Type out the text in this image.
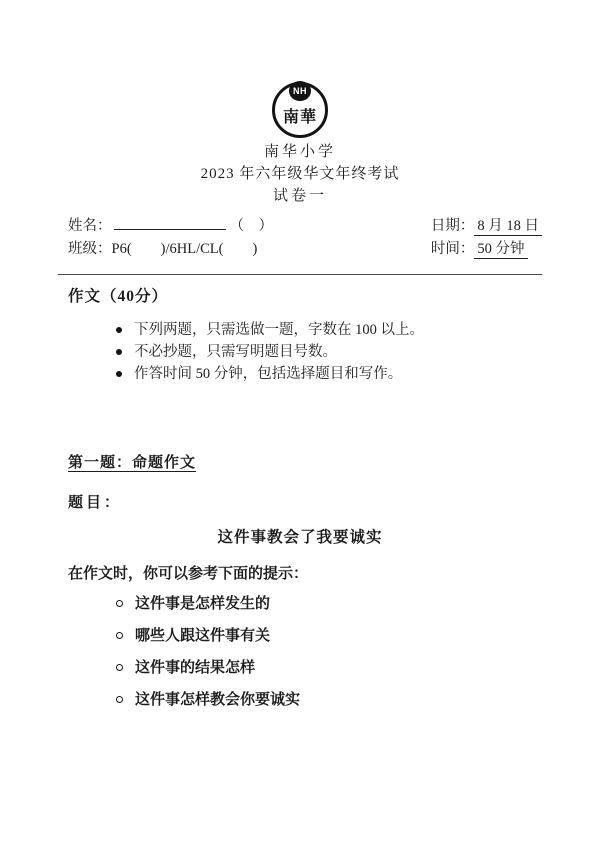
NH
南華
南华小学
2023 年六年级华文年终考试
试卷一
姓名：	（　）
班级：P6(　　)/6HL/CL(　　)
日期： 8 月 18 日
时间： 50 分钟
作文（40分）
下列两题，只需选做一题，字数在 100 以上。
不必抄题，只需写明题目号数。
作答时间 50 分钟，包括选择题目和写作。
第一题：命题作文
题目：
这件事教会了我要诚实
在作文时，你可以参考下面的提示：
这件事是怎样发生的
哪些人跟这件事有关
这件事的结果怎样
这件事怎样教会你要诚实
